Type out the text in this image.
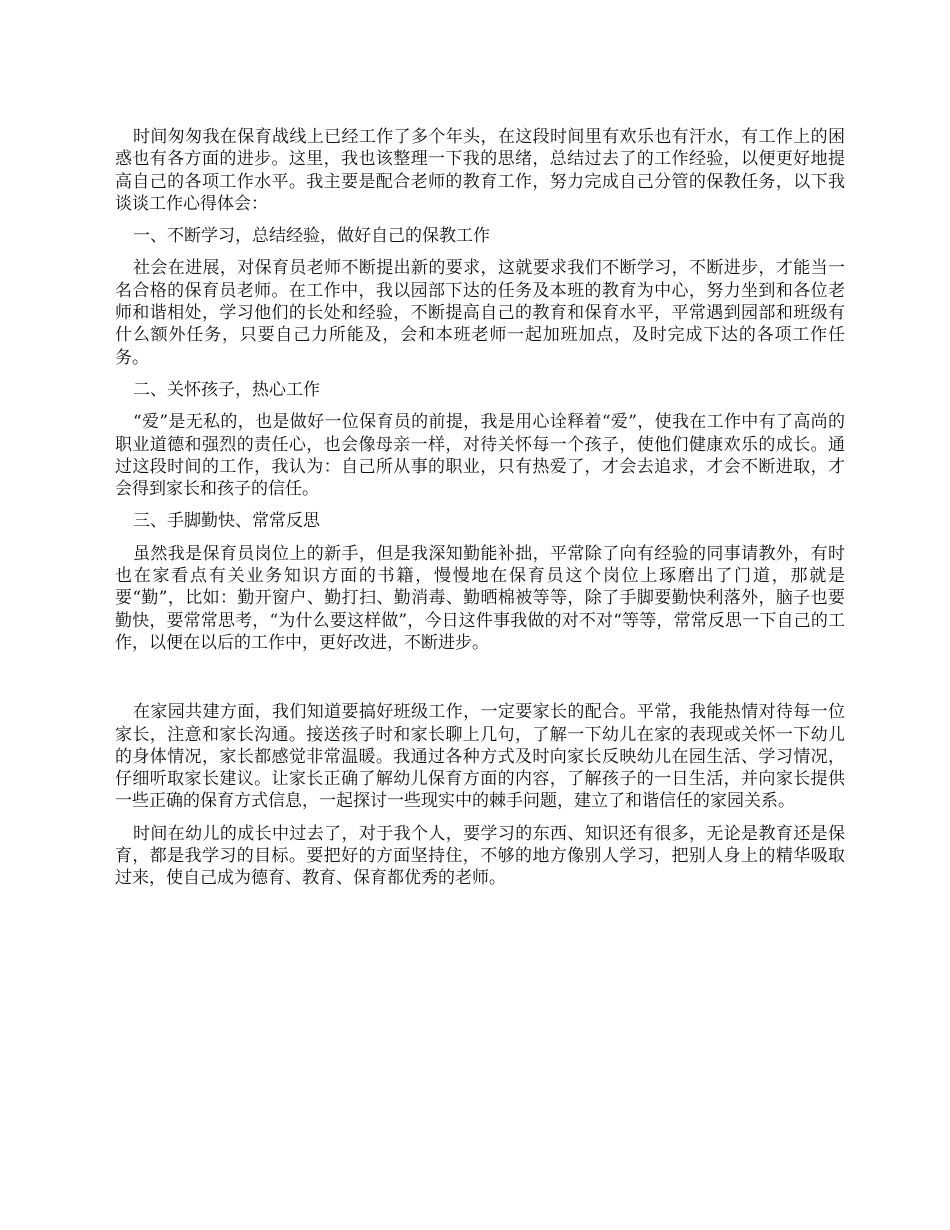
时间匆匆我在保育战线上已经工作了多个年头，在这段时间里有欢乐也有汗水，有工作上的困惑也有各方面的进步。这里，我也该整理一下我的思绪，总结过去了的工作经验，以便更好地提高自己的各项工作水平。我主要是配合老师的教育工作，努力完成自己分管的保教任务，以下我谈谈工作心得体会：

一、不断学习，总结经验，做好自己的保教工作

社会在进展，对保育员老师不断提出新的要求，这就要求我们不断学习，不断进步，才能当一名合格的保育员老师。在工作中，我以园部下达的任务及本班的教育为中心，努力坐到和各位老师和谐相处，学习他们的长处和经验，不断提高自己的教育和保育水平，平常遇到园部和班级有什么额外任务，只要自己力所能及，会和本班老师一起加班加点，及时完成下达的各项工作任务。

二、关怀孩子，热心工作

“爱”是无私的，也是做好一位保育员的前提，我是用心诠释着“爱”，使我在工作中有了高尚的职业道德和强烈的责任心，也会像母亲一样，对待关怀每一个孩子，使他们健康欢乐的成长。通过这段时间的工作，我认为：自己所从事的职业，只有热爱了，才会去追求，才会不断进取，才会得到家长和孩子的信任。

三、手脚勤快、常常反思

虽然我是保育员岗位上的新手，但是我深知勤能补拙，平常除了向有经验的同事请教外，有时也在家看点有关业务知识方面的书籍，慢慢地在保育员这个岗位上琢磨出了门道，那就是要“勤”，比如：勤开窗户、勤打扫、勤消毒、勤晒棉被等等，除了手脚要勤快利落外，脑子也要勤快，要常常思考，“为什么要这样做”，今日这件事我做的对不对“等等，常常反思一下自己的工作，以便在以后的工作中，更好改进，不断进步。

在家园共建方面，我们知道要搞好班级工作，一定要家长的配合。平常，我能热情对待每一位家长，注意和家长沟通。接送孩子时和家长聊上几句，了解一下幼儿在家的表现或关怀一下幼儿的身体情况，家长都感觉非常温暖。我通过各种方式及时向家长反映幼儿在园生活、学习情况，仔细听取家长建议。让家长正确了解幼儿保育方面的内容，了解孩子的一日生活，并向家长提供一些正确的保育方式信息，一起探讨一些现实中的棘手问题，建立了和谐信任的家园关系。

时间在幼儿的成长中过去了，对于我个人，要学习的东西、知识还有很多，无论是教育还是保育，都是我学习的目标。要把好的方面坚持住，不够的地方像别人学习，把别人身上的精华吸取过来，使自己成为德育、教育、保育都优秀的老师。
